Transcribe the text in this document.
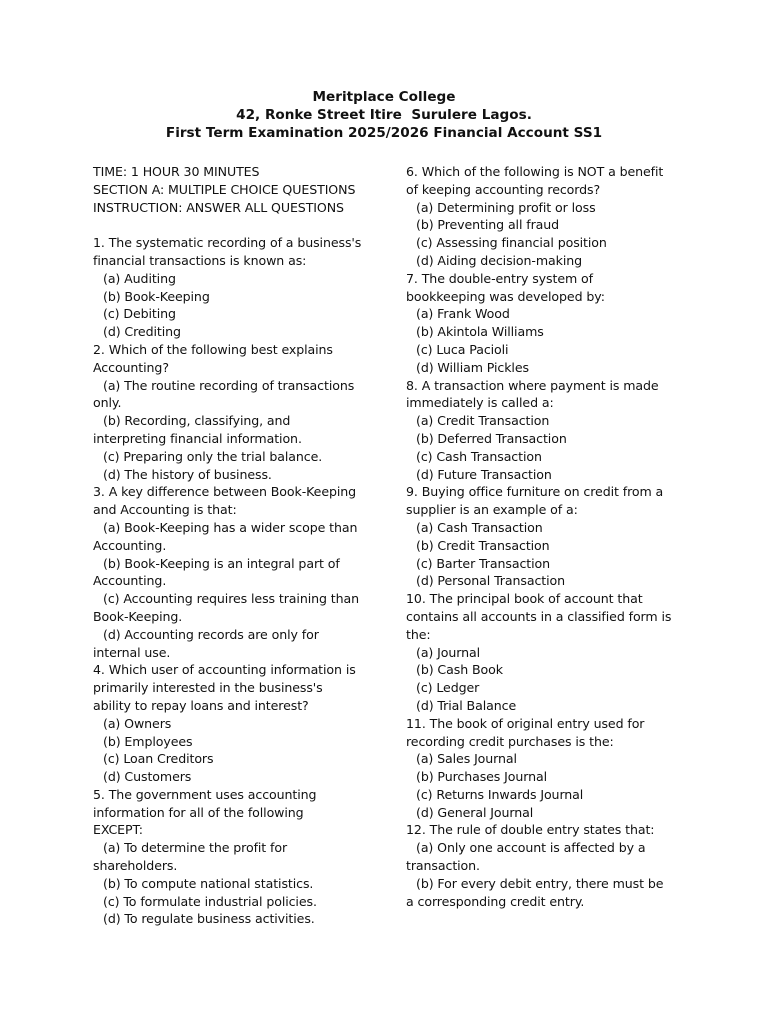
Meritplace College
42, Ronke Street Itire  Surulere Lagos.
First Term Examination 2025/2026 Financial Account SS1
TIME: 1 HOUR 30 MINUTES
SECTION A: MULTIPLE CHOICE QUESTIONS
INSTRUCTION: ANSWER ALL QUESTIONS
1. The systematic recording of a business's
financial transactions is known as:
(a) Auditing
(b) Book-Keeping
(c) Debiting
(d) Crediting
2. Which of the following best explains
Accounting?
(a) The routine recording of transactions
only.
(b) Recording, classifying, and
interpreting financial information.
(c) Preparing only the trial balance.
(d) The history of business.
3. A key difference between Book-Keeping
and Accounting is that:
(a) Book-Keeping has a wider scope than
Accounting.
(b) Book-Keeping is an integral part of
Accounting.
(c) Accounting requires less training than
Book-Keeping.
(d) Accounting records are only for
internal use.
4. Which user of accounting information is
primarily interested in the business's
ability to repay loans and interest?
(a) Owners
(b) Employees
(c) Loan Creditors
(d) Customers
5. The government uses accounting
information for all of the following
EXCEPT:
(a) To determine the profit for
shareholders.
(b) To compute national statistics.
(c) To formulate industrial policies.
(d) To regulate business activities.
6. Which of the following is NOT a benefit
of keeping accounting records?
(a) Determining profit or loss
(b) Preventing all fraud
(c) Assessing financial position
(d) Aiding decision-making
7. The double-entry system of
bookkeeping was developed by:
(a) Frank Wood
(b) Akintola Williams
(c) Luca Pacioli
(d) William Pickles
8. A transaction where payment is made
immediately is called a:
(a) Credit Transaction
(b) Deferred Transaction
(c) Cash Transaction
(d) Future Transaction
9. Buying office furniture on credit from a
supplier is an example of a:
(a) Cash Transaction
(b) Credit Transaction
(c) Barter Transaction
(d) Personal Transaction
10. The principal book of account that
contains all accounts in a classified form is
the:
(a) Journal
(b) Cash Book
(c) Ledger
(d) Trial Balance
11. The book of original entry used for
recording credit purchases is the:
(a) Sales Journal
(b) Purchases Journal
(c) Returns Inwards Journal
(d) General Journal
12. The rule of double entry states that:
(a) Only one account is affected by a
transaction.
(b) For every debit entry, there must be
a corresponding credit entry.
